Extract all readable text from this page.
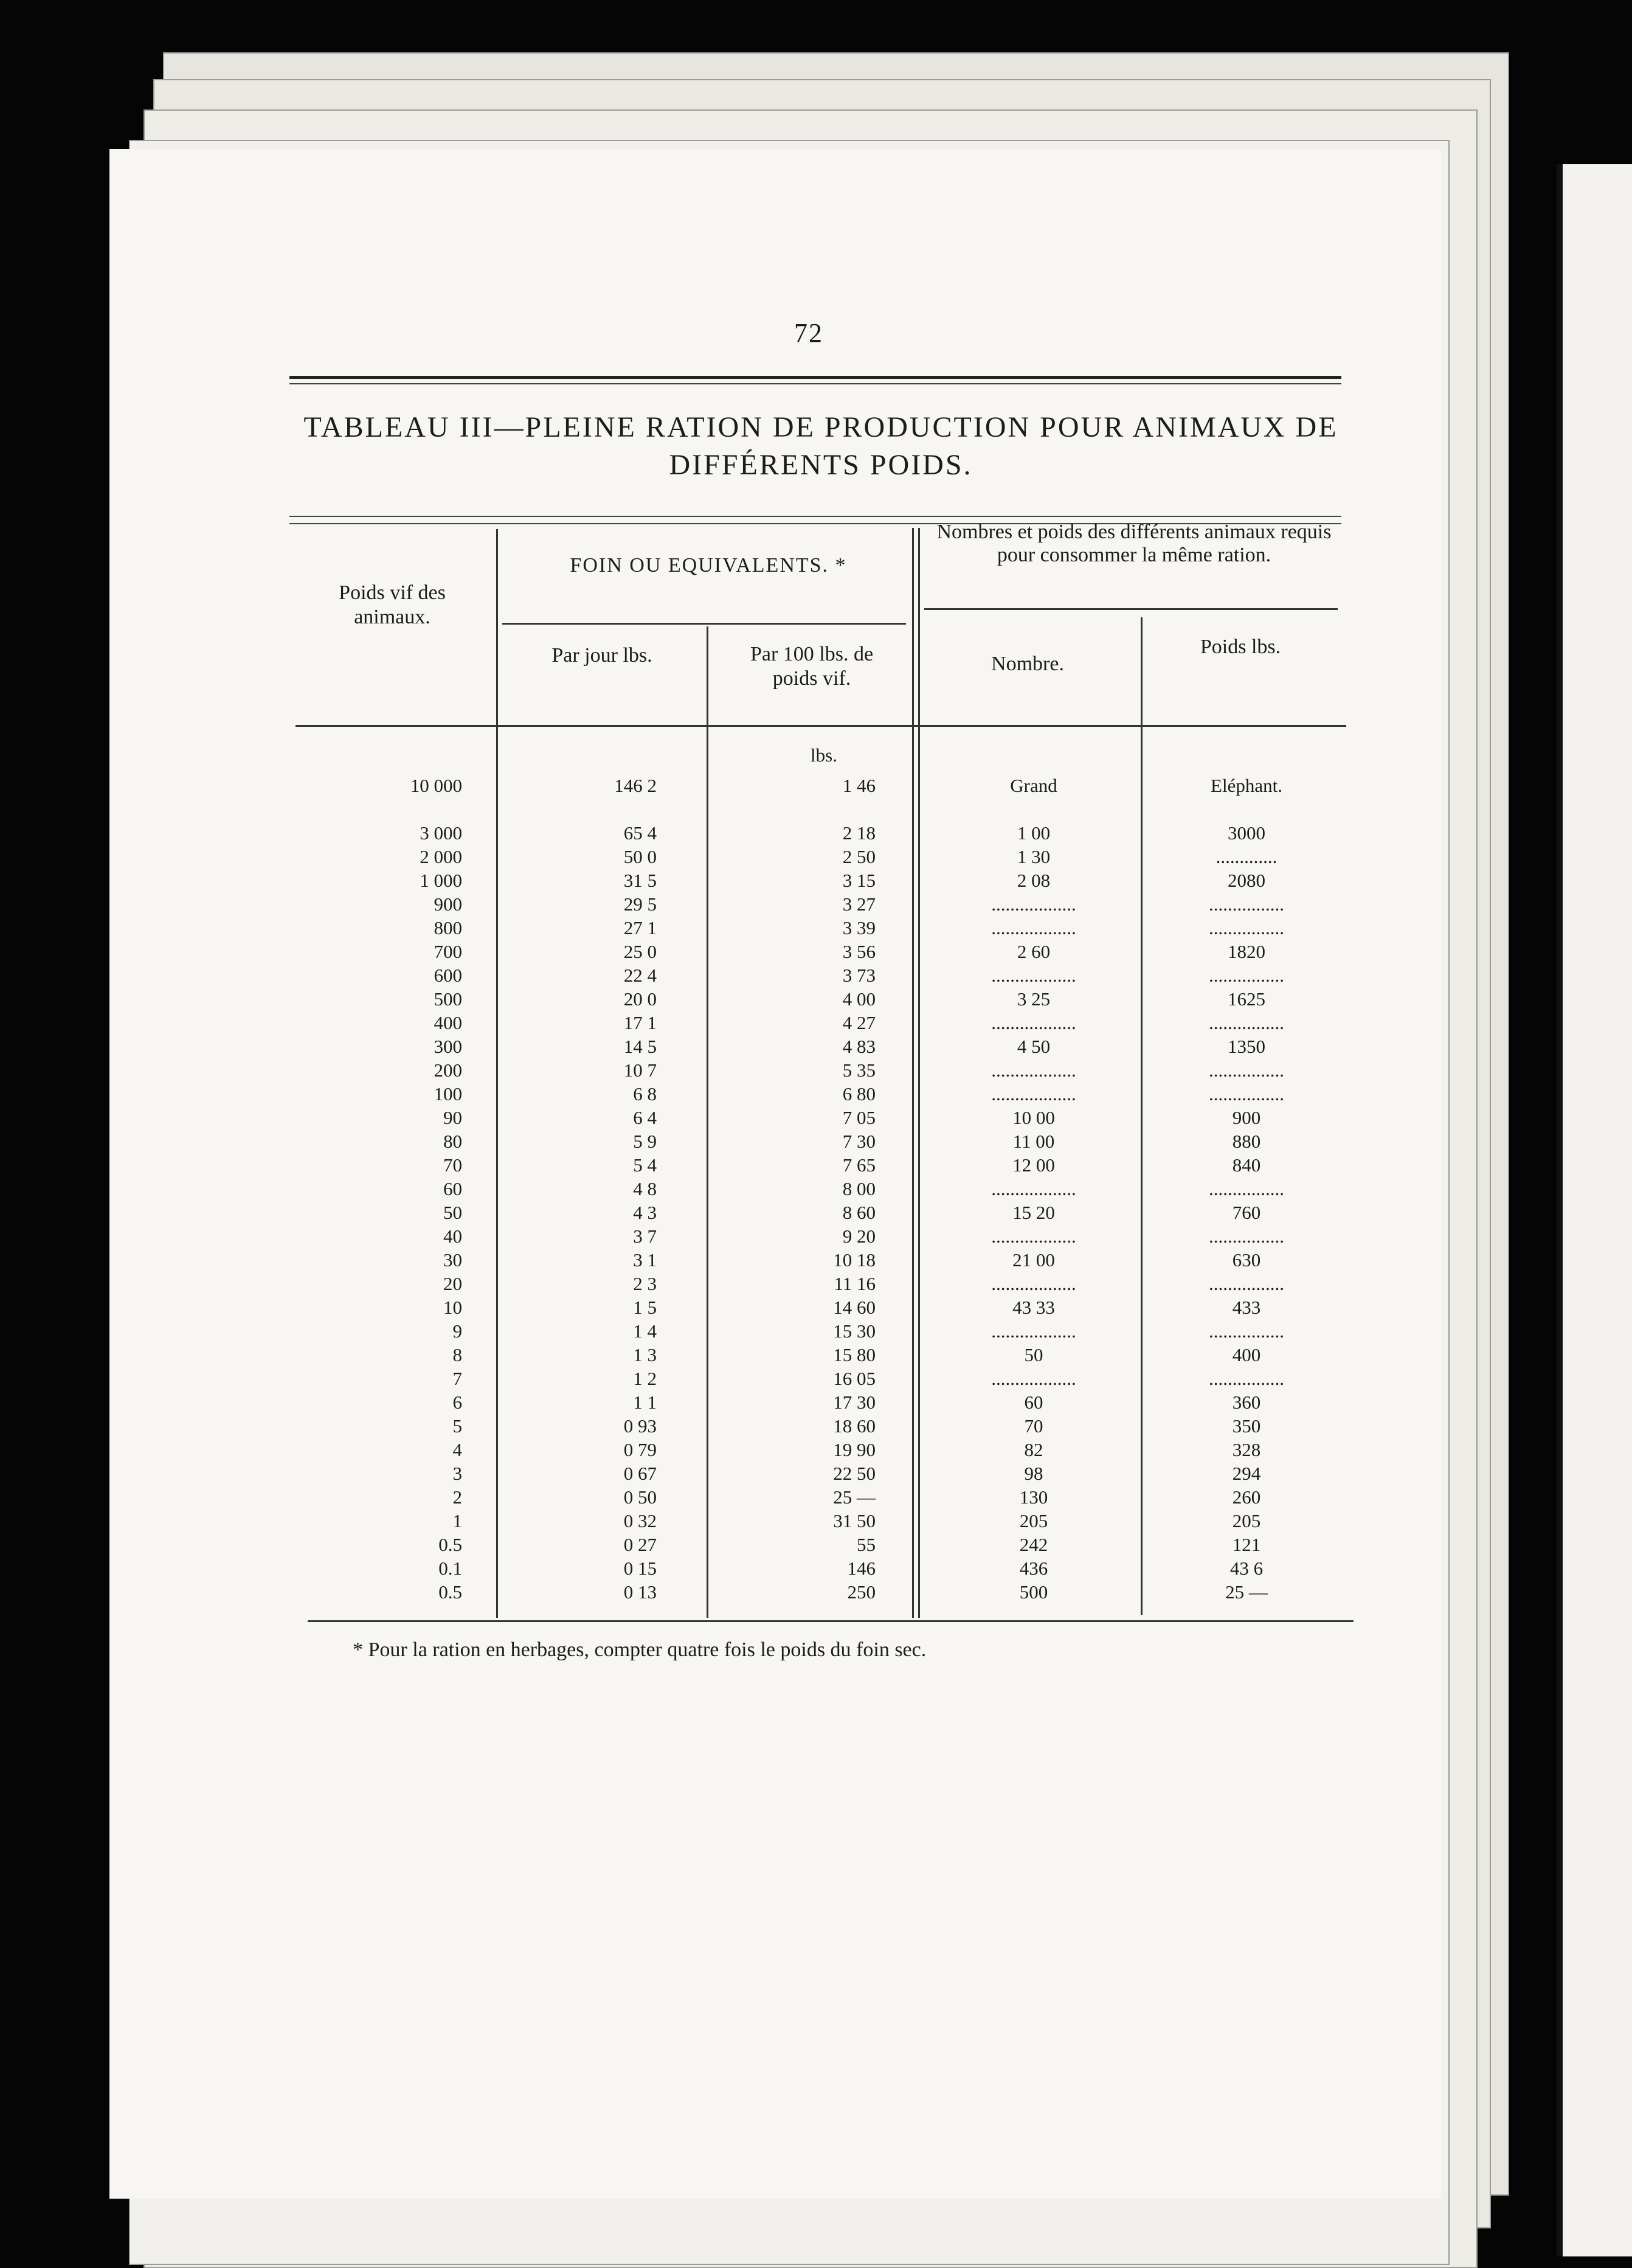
72
TABLEAU III—PLEINE RATION DE PRODUCTION POUR ANIMAUX DE
DIFFÉRENTS POIDS.
Poids vif des animaux.
FOIN OU EQUIVALENTS. *
Par jour lbs.	Par 100 lbs. de poids vif.
Nombres et poids des différents animaux requis pour consommer la même ration.
Nombre.
Poids lbs.
lbs.
10 000	146 2	1 46	Grand	Eléphant.
3 000	65 4	2 18	1 00	3000
2 000	50 0	2 50	1 30	.............
1 000	31 5	3 15	2 08	2080
900	29 5	3 27	..................	................
800	27 1	3 39	..................	................
700	25 0	3 56	2 60	1820
600	22 4	3 73	..................	................
500	20 0	4 00	3 25	1625
400	17 1	4 27	..................	................
300	14 5	4 83	4 50	1350
200	10 7	5 35	..................	................
100	6 8	6 80	..................	................
90	6 4	7 05	10 00	900
80	5 9	7 30	11 00	880
70	5 4	7 65	12 00	840
60	4 8	8 00	..................	................
50	4 3	8 60	15 20	760
40	3 7	9 20	..................	................
30	3 1	10 18	21 00	630
20	2 3	11 16	..................	................
10	1 5	14 60	43 33	433
9	1 4	15 30	..................	................
8	1 3	15 80	50	400
7	1 2	16 05	..................	................
6	1 1	17 30	60	360
5	0 93	18 60	70	350
4	0 79	19 90	82	328
3	0 67	22 50	98	294
2	0 50	25 —	130	260
1	0 32	31 50	205	205
0.5	0 27	55	242	121
0.1	0 15	146	436	43 6
0.5	0 13	250	500	25 —
* Pour la ration en herbages, compter quatre fois le poids du foin sec.
